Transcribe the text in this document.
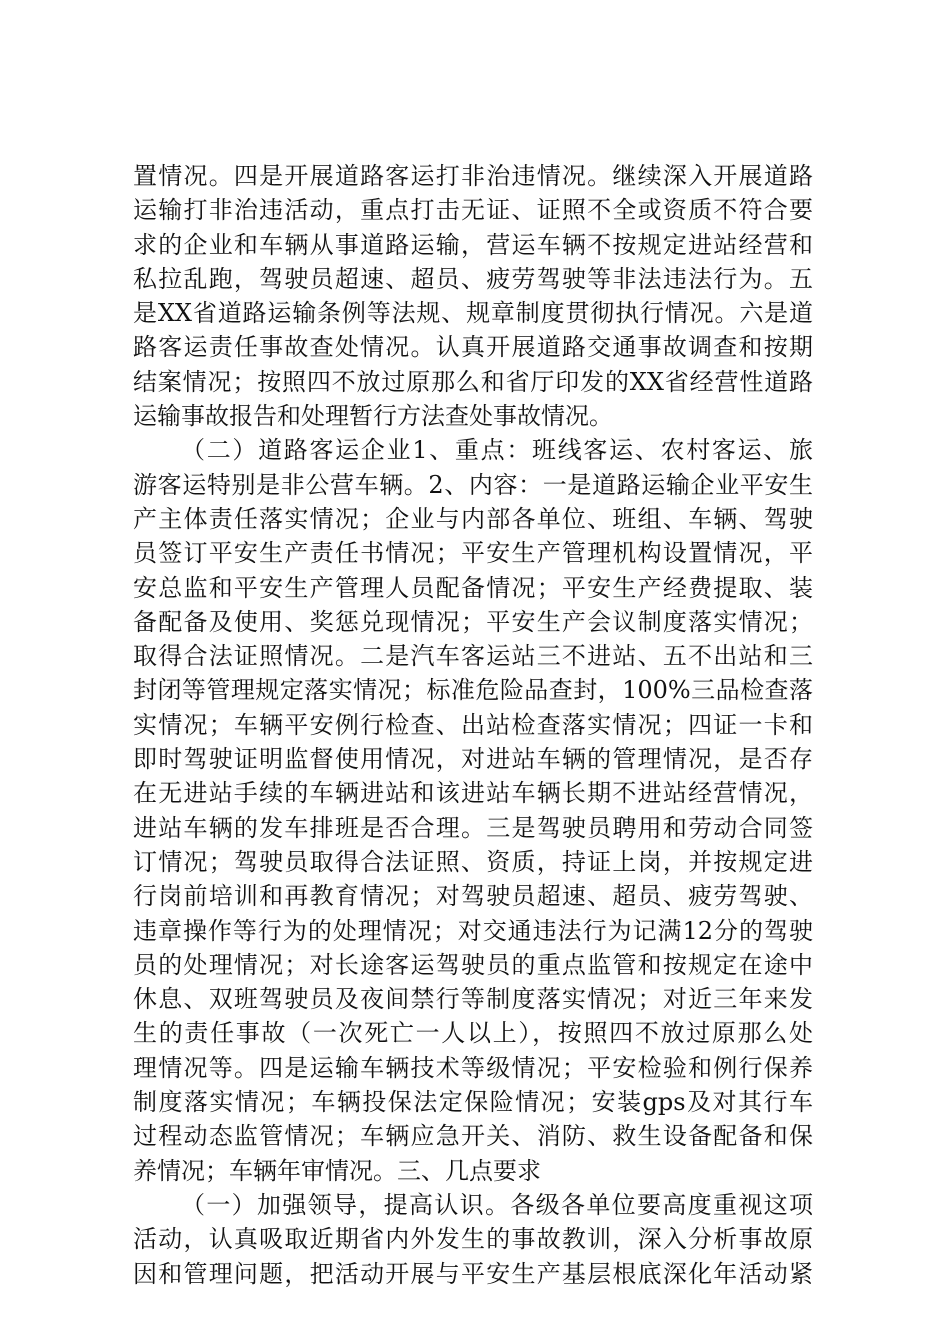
置情况。四是开展道路客运打非治违情况。继续深入开展道路
运输打非治违活动，重点打击无证、证照不全或资质不符合要
求的企业和车辆从事道路运输，营运车辆不按规定进站经营和
私拉乱跑，驾驶员超速、超员、疲劳驾驶等非法违法行为。五
是XX省道路运输条例等法规、规章制度贯彻执行情况。六是道
路客运责任事故查处情况。认真开展道路交通事故调查和按期
结案情况；按照四不放过原那么和省厅印发的XX省经营性道路
运输事故报告和处理暂行方法查处事故情况。
（二）道路客运企业1、重点：班线客运、农村客运、旅
游客运特别是非公营车辆。2、内容：一是道路运输企业平安生
产主体责任落实情况；企业与内部各单位、班组、车辆、驾驶
员签订平安生产责任书情况；平安生产管理机构设置情况，平
安总监和平安生产管理人员配备情况；平安生产经费提取、装
备配备及使用、奖惩兑现情况；平安生产会议制度落实情况；
取得合法证照情况。二是汽车客运站三不进站、五不出站和三
封闭等管理规定落实情况；标准危险品查封，100%三品检查落
实情况；车辆平安例行检查、出站检查落实情况；四证一卡和
即时驾驶证明监督使用情况，对进站车辆的管理情况，是否存
在无进站手续的车辆进站和该进站车辆长期不进站经营情况，
进站车辆的发车排班是否合理。三是驾驶员聘用和劳动合同签
订情况；驾驶员取得合法证照、资质，持证上岗，并按规定进
行岗前培训和再教育情况；对驾驶员超速、超员、疲劳驾驶、
违章操作等行为的处理情况；对交通违法行为记满12分的驾驶
员的处理情况；对长途客运驾驶员的重点监管和按规定在途中
休息、双班驾驶员及夜间禁行等制度落实情况；对近三年来发
生的责任事故（一次死亡一人以上），按照四不放过原那么处
理情况等。四是运输车辆技术等级情况；平安检验和例行保养
制度落实情况；车辆投保法定保险情况；安装gps及对其行车
过程动态监管情况；车辆应急开关、消防、救生设备配备和保
养情况；车辆年审情况。三、几点要求
（一）加强领导，提高认识。各级各单位要高度重视这项
活动，认真吸取近期省内外发生的事故教训，深入分析事故原
因和管理问题，把活动开展与平安生产基层根底深化年活动紧
